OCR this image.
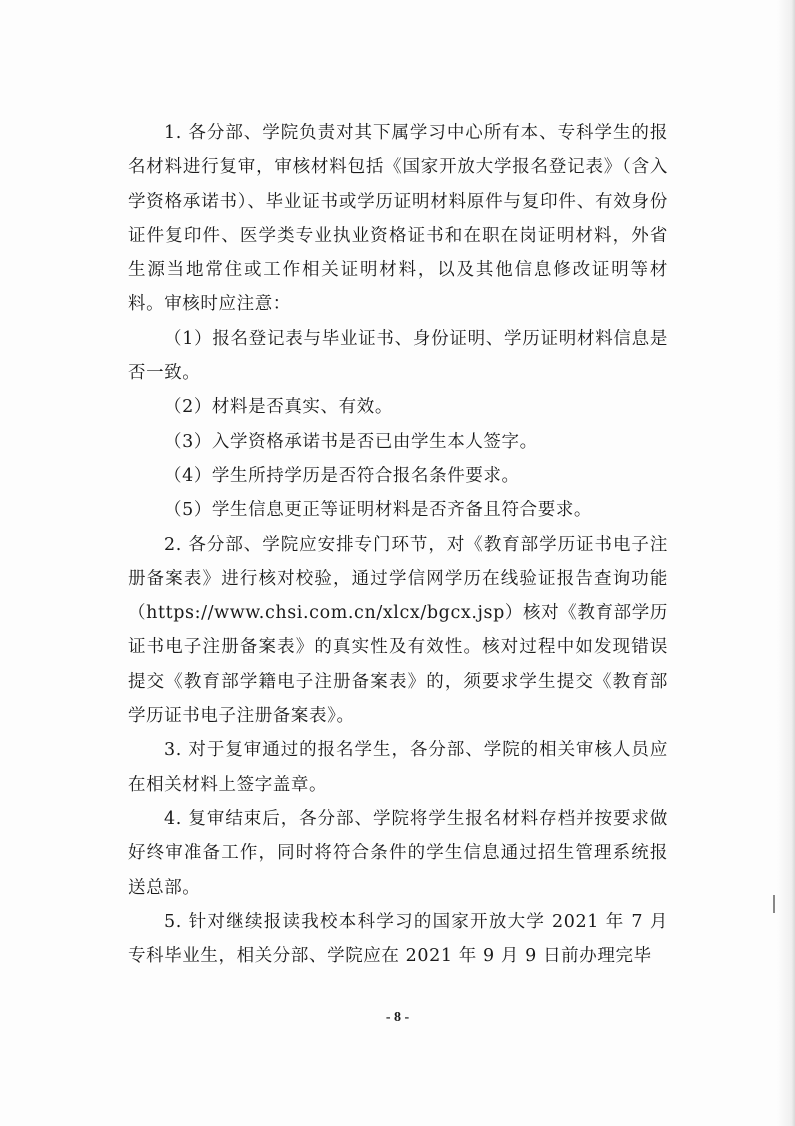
1. 各分部、学院负责对其下属学习中心所有本、专科学生的报名材料进行复审，审核材料包括《国家开放大学报名登记表》（含入学资格承诺书）、毕业证书或学历证明材料原件与复印件、有效身份证件复印件、医学类专业执业资格证书和在职在岗证明材料，外省生源当地常住或工作相关证明材料，以及其他信息修改证明等材料。审核时应注意：

（1）报名登记表与毕业证书、身份证明、学历证明材料信息是否一致。

（2）材料是否真实、有效。

（3）入学资格承诺书是否已由学生本人签字。

（4）学生所持学历是否符合报名条件要求。

（5）学生信息更正等证明材料是否齐备且符合要求。

2. 各分部、学院应安排专门环节，对《教育部学历证书电子注册备案表》进行核对校验，通过学信网学历在线验证报告查询功能（https://www.chsi.com.cn/xlcx/bgcx.jsp）核对《教育部学历证书电子注册备案表》的真实性及有效性。核对过程中如发现错误提交《教育部学籍电子注册备案表》的，须要求学生提交《教育部学历证书电子注册备案表》。

3. 对于复审通过的报名学生，各分部、学院的相关审核人员应在相关材料上签字盖章。

4. 复审结束后，各分部、学院将学生报名材料存档并按要求做好终审准备工作，同时将符合条件的学生信息通过招生管理系统报送总部。

5. 针对继续报读我校本科学习的国家开放大学 2021 年 7 月专科毕业生，相关分部、学院应在 2021 年 9 月 9 日前办理完毕

- 8 -
